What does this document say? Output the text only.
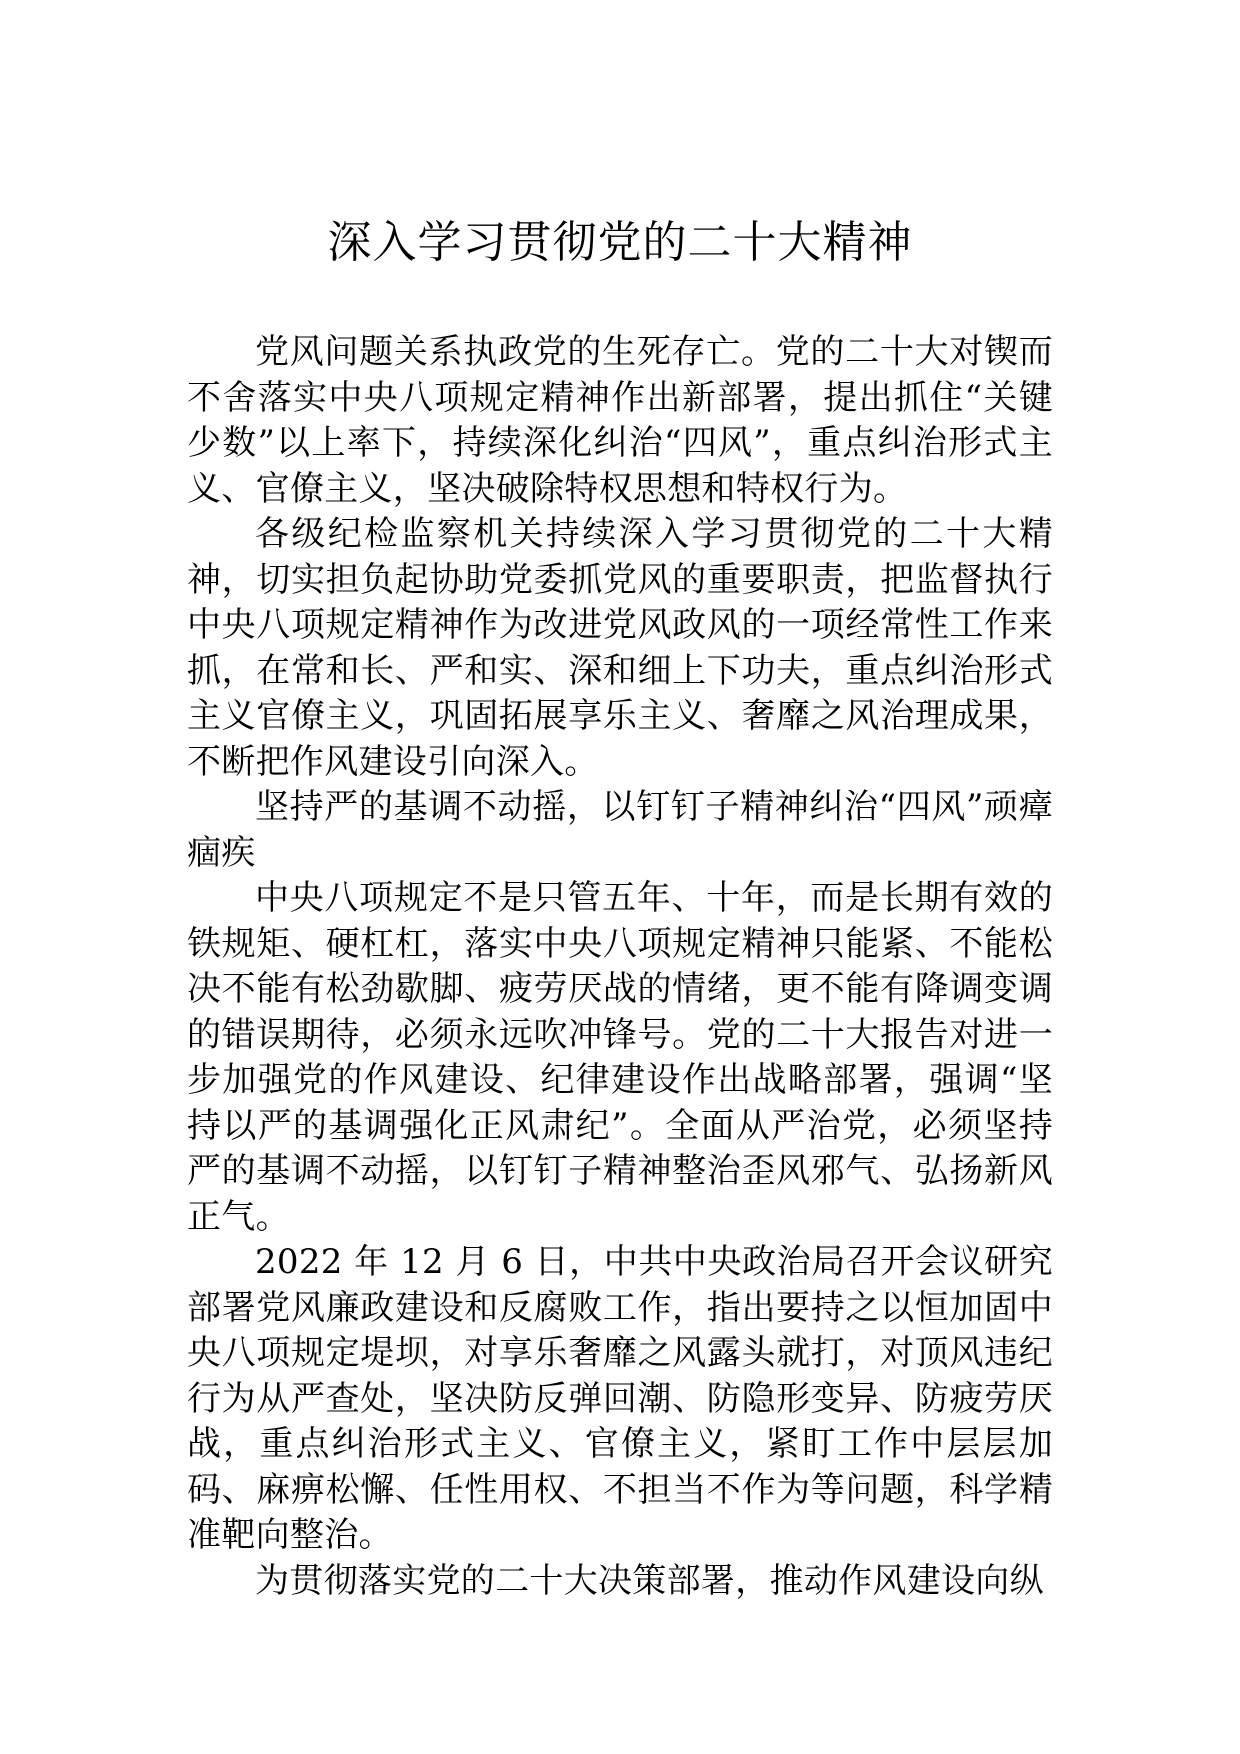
深入学习贯彻党的二十大精神

党风问题关系执政党的生死存亡。党的二十大对锲而不舍落实中央八项规定精神作出新部署，提出抓住“关键少数”以上率下，持续深化纠治“四风”，重点纠治形式主义、官僚主义，坚决破除特权思想和特权行为。

各级纪检监察机关持续深入学习贯彻党的二十大精神，切实担负起协助党委抓党风的重要职责，把监督执行中央八项规定精神作为改进党风政风的一项经常性工作来抓，在常和长、严和实、深和细上下功夫，重点纠治形式主义官僚主义，巩固拓展享乐主义、奢靡之风治理成果，不断把作风建设引向深入。

坚持严的基调不动摇，以钉钉子精神纠治“四风”顽瘴痼疾

中央八项规定不是只管五年、十年，而是长期有效的铁规矩、硬杠杠，落实中央八项规定精神只能紧、不能松决不能有松劲歇脚、疲劳厌战的情绪，更不能有降调变调的错误期待，必须永远吹冲锋号。党的二十大报告对进一步加强党的作风建设、纪律建设作出战略部署，强调“坚持以严的基调强化正风肃纪”。全面从严治党，必须坚持严的基调不动摇，以钉钉子精神整治歪风邪气、弘扬新风正气。

2022 年 12 月 6 日，中共中央政治局召开会议研究部署党风廉政建设和反腐败工作，指出要持之以恒加固中央八项规定堤坝，对享乐奢靡之风露头就打，对顶风违纪行为从严查处，坚决防反弹回潮、防隐形变异、防疲劳厌战，重点纠治形式主义、官僚主义，紧盯工作中层层加码、麻痹松懈、任性用权、不担当不作为等问题，科学精准靶向整治。

为贯彻落实党的二十大决策部署，推动作风建设向纵
